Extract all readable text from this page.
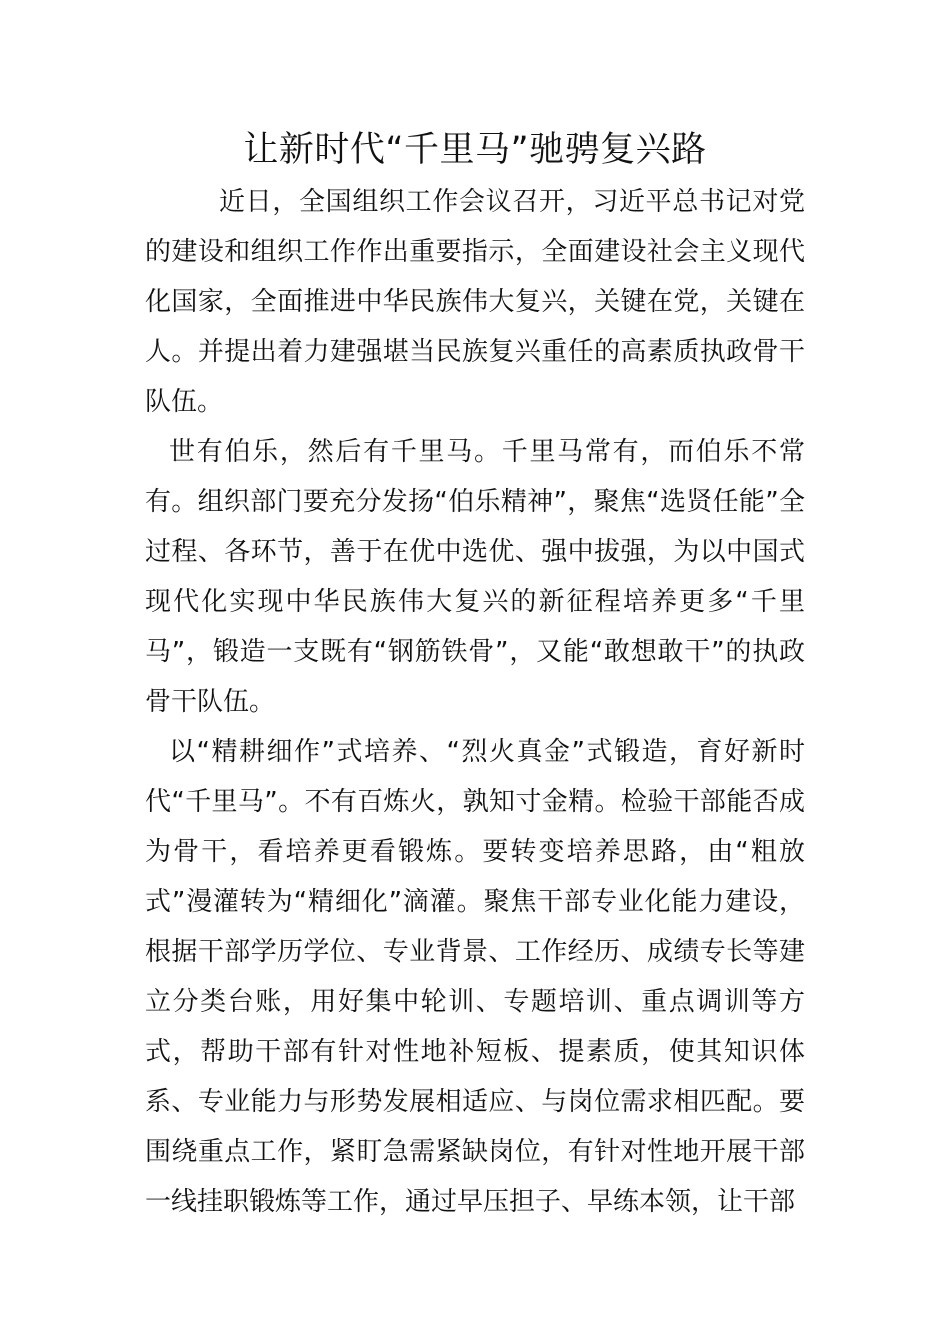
让新时代“千里马”驰骋复兴路

近日，全国组织工作会议召开，习近平总书记对党的建设和组织工作作出重要指示，全面建设社会主义现代化国家，全面推进中华民族伟大复兴，关键在党，关键在人。并提出着力建强堪当民族复兴重任的高素质执政骨干队伍。

世有伯乐，然后有千里马。千里马常有，而伯乐不常有。组织部门要充分发扬“伯乐精神”，聚焦“选贤任能”全过程、各环节，善于在优中选优、强中拔强，为以中国式现代化实现中华民族伟大复兴的新征程培养更多“千里马”，锻造一支既有“钢筋铁骨”，又能“敢想敢干”的执政骨干队伍。

以“精耕细作”式培养、“烈火真金”式锻造，育好新时代“千里马”。不有百炼火，孰知寸金精。检验干部能否成为骨干，看培养更看锻炼。要转变培养思路，由“粗放式”漫灌转为“精细化”滴灌。聚焦干部专业化能力建设，根据干部学历学位、专业背景、工作经历、成绩专长等建立分类台账，用好集中轮训、专题培训、重点调训等方式，帮助干部有针对性地补短板、提素质，使其知识体系、专业能力与形势发展相适应、与岗位需求相匹配。要围绕重点工作，紧盯急需紧缺岗位，有针对性地开展干部一线挂职锻炼等工作，通过早压担子、早练本领，让干部
